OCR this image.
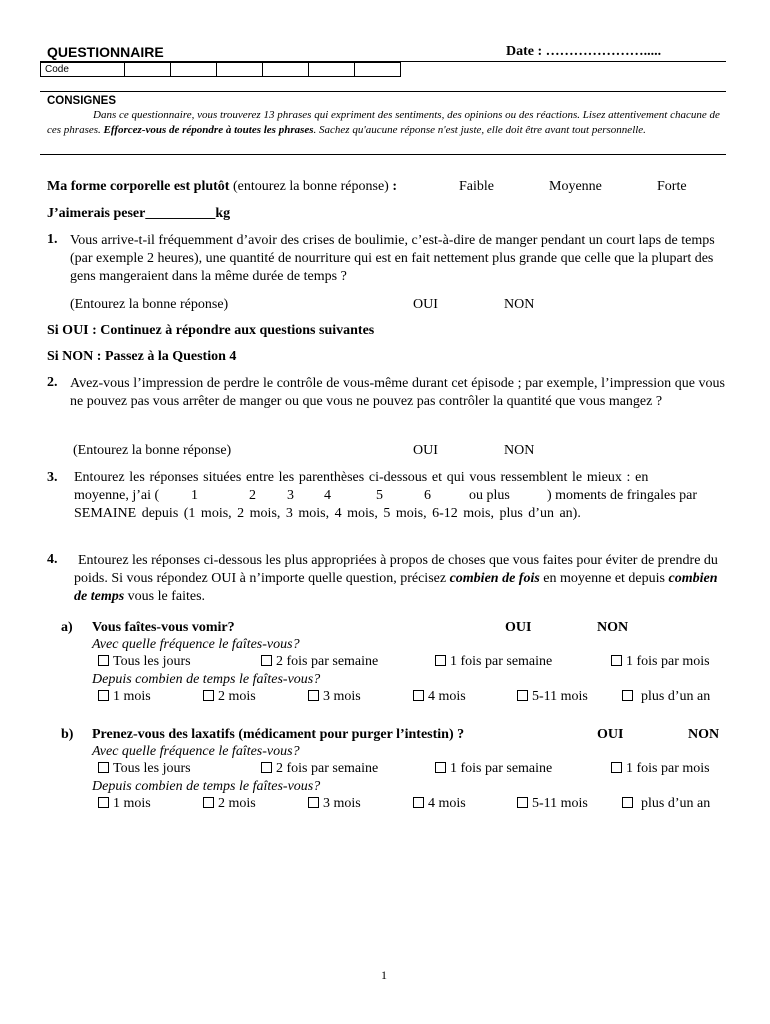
QUESTIONNAIRE	Date : ………………….....
Code						
CONSIGNES
Dans ce questionnaire, vous trouverez 13 phrases qui expriment des sentiments, des opinions ou des réactions. Lisez attentivement chacune de ces phrases. Efforcez-vous de répondre à toutes les phrases. Sachez qu'aucune réponse n'est juste, elle doit être avant tout personnelle.
Ma forme corporelle est plutôt (entourez la bonne réponse) :	Faible	Moyenne	Forte
J’aimerais peser__________kg
1. Vous arrive-t-il fréquemment d’avoir des crises de boulimie, c’est-à-dire de manger pendant un court laps de temps (par exemple 2 heures), une quantité de nourriture qui est en fait nettement plus grande que celle que la plupart des gens mangeraient dans la même durée de temps ?
(Entourez la bonne réponse)	OUI	NON
Si OUI : Continuez à répondre aux questions suivantes
Si NON : Passez à la Question 4
2. Avez-vous l’impression de perdre le contrôle de vous-même durant cet épisode ; par exemple, l’impression que vous ne pouvez pas vous arrêter de manger ou que vous ne pouvez pas contrôler la quantité que vous mangez ?
(Entourez la bonne réponse)	OUI	NON
3. Entourez les réponses situées entre les parenthèses ci-dessous et qui vous ressemblent le mieux : en
moyenne, j’ai ( 1	2 3 4	5	6	ou plus	) moments de fringales par
SEMAINE depuis (1 mois, 2 mois, 3 mois, 4 mois, 5 mois, 6-12 mois, plus d’un an).
4. Entourez les réponses ci-dessous les plus appropriées à propos de choses que vous faites pour éviter de prendre du poids. Si vous répondez OUI à n’importe quelle question, précisez combien de fois en moyenne et depuis combien de temps vous le faites.
a) Vous faîtes-vous vomir?	OUI	NON
Avec quelle fréquence le faîtes-vous?
Tous les jours	2 fois par semaine	1 fois par semaine	1 fois par mois
Depuis combien de temps le faîtes-vous?
1 mois	2 mois	3 mois	4 mois	5-11 mois	plus d’un an
b) Prenez-vous des laxatifs (médicament pour purger l’intestin) ?	OUI	NON
Avec quelle fréquence le faîtes-vous?
Tous les jours	2 fois par semaine	1 fois par semaine	1 fois par mois
Depuis combien de temps le faîtes-vous?
1 mois	2 mois	3 mois	4 mois	5-11 mois	plus d’un an
1
